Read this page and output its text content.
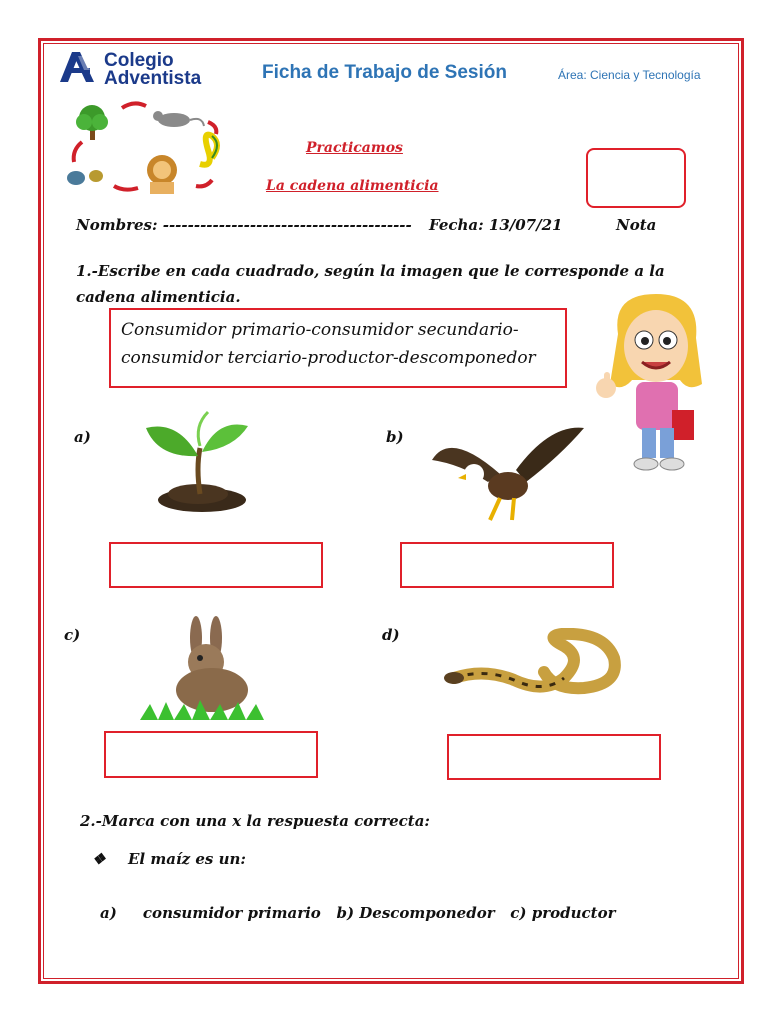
Colegio
Adventista	Ficha de Trabajo de Sesión	Área: Ciencia y Tecnología
Practicamos
La cadena alimenticia
Nombres: ---------------------------------------- Fecha: 13/07/21	Nota
1.-Escribe en cada cuadrado, según la imagen que le corresponde a la cadena alimenticia.
Consumidor primario-consumidor secundario-consumidor terciario-productor-descomponedor
a)	b)
c)	d)
2.-Marca con una x la respuesta correcta:
❖ El maíz es un:
a)     consumidor primario   b) Descomponedor   c) productor
